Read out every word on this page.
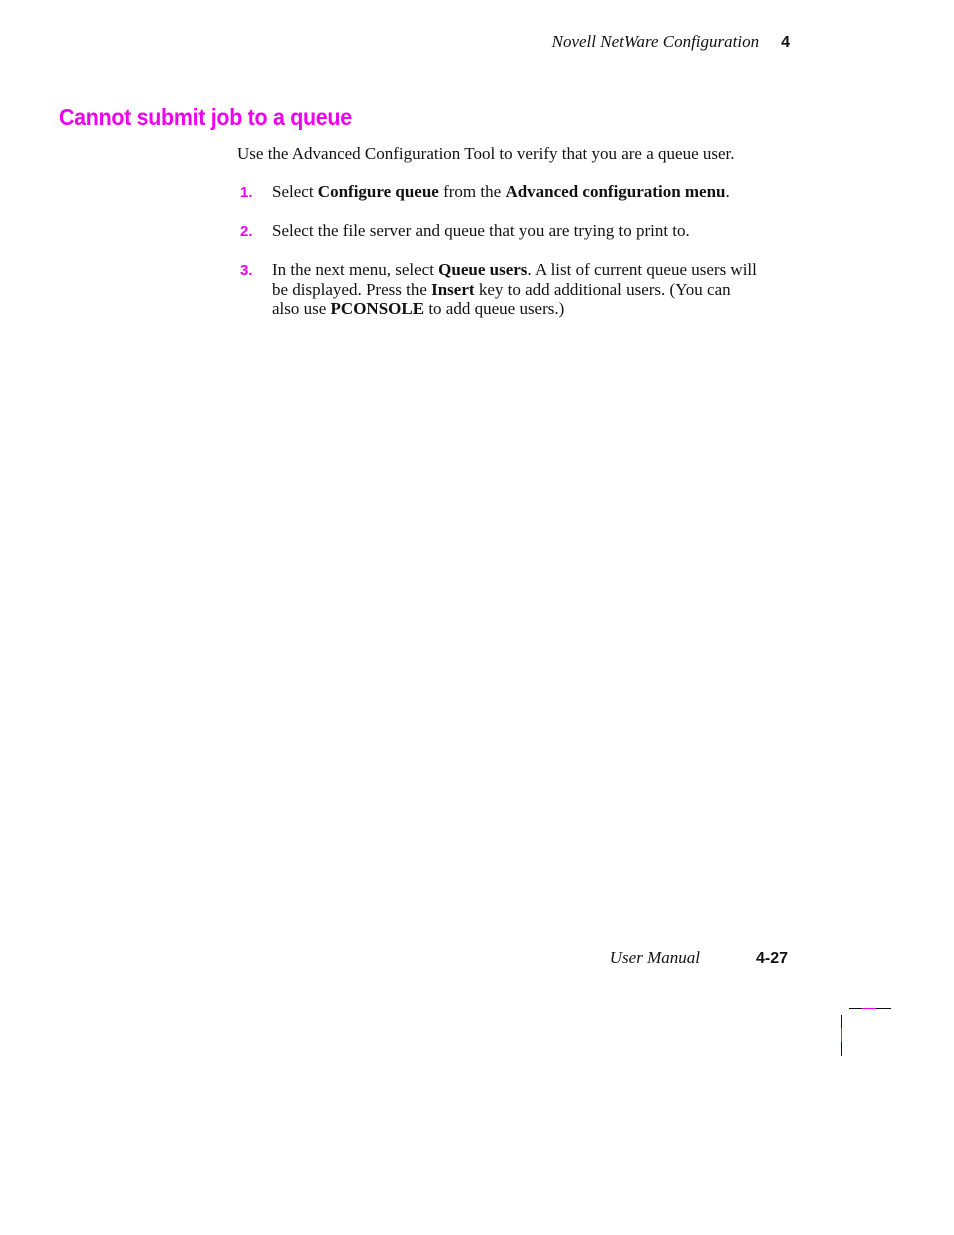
Novell NetWare Configuration 4
Cannot submit job to a queue

Use the Advanced Configuration Tool to verify that you are a queue user.

1.	Select Configure queue from the Advanced configuration menu.
2.	Select the file server and queue that you are trying to print to.
3.	In the next menu, select Queue users. A list of current queue users will be displayed. Press the Insert key to add additional users. (You can also use PCONSOLE to add queue users.)
User Manual	4-27
